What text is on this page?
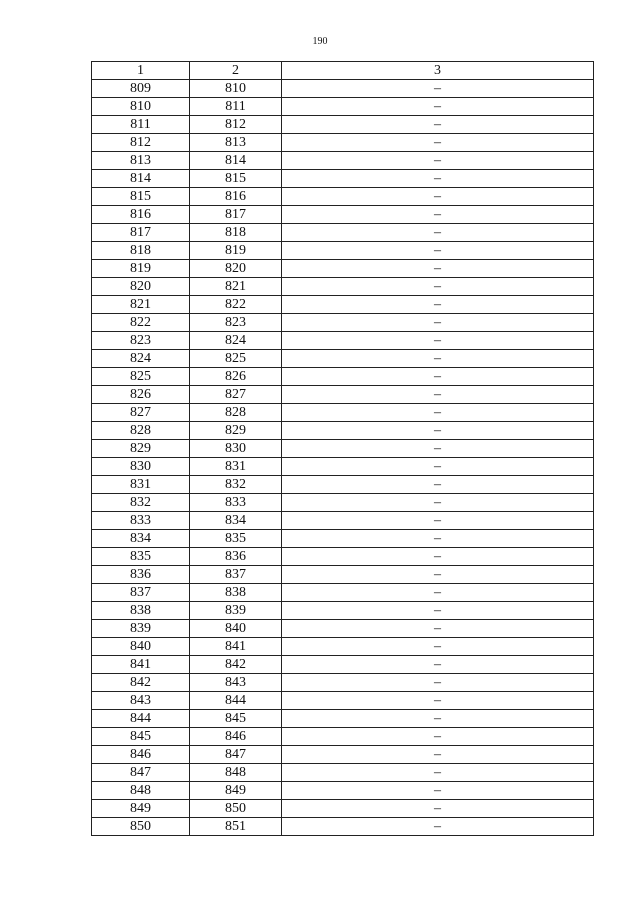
190
1	2	3
809	810	–
810	811	–
811	812	–
812	813	–
813	814	–
814	815	–
815	816	–
816	817	–
817	818	–
818	819	–
819	820	–
820	821	–
821	822	–
822	823	–
823	824	–
824	825	–
825	826	–
826	827	–
827	828	–
828	829	–
829	830	–
830	831	–
831	832	–
832	833	–
833	834	–
834	835	–
835	836	–
836	837	–
837	838	–
838	839	–
839	840	–
840	841	–
841	842	–
842	843	–
843	844	–
844	845	–
845	846	–
846	847	–
847	848	–
848	849	–
849	850	–
850	851	–
